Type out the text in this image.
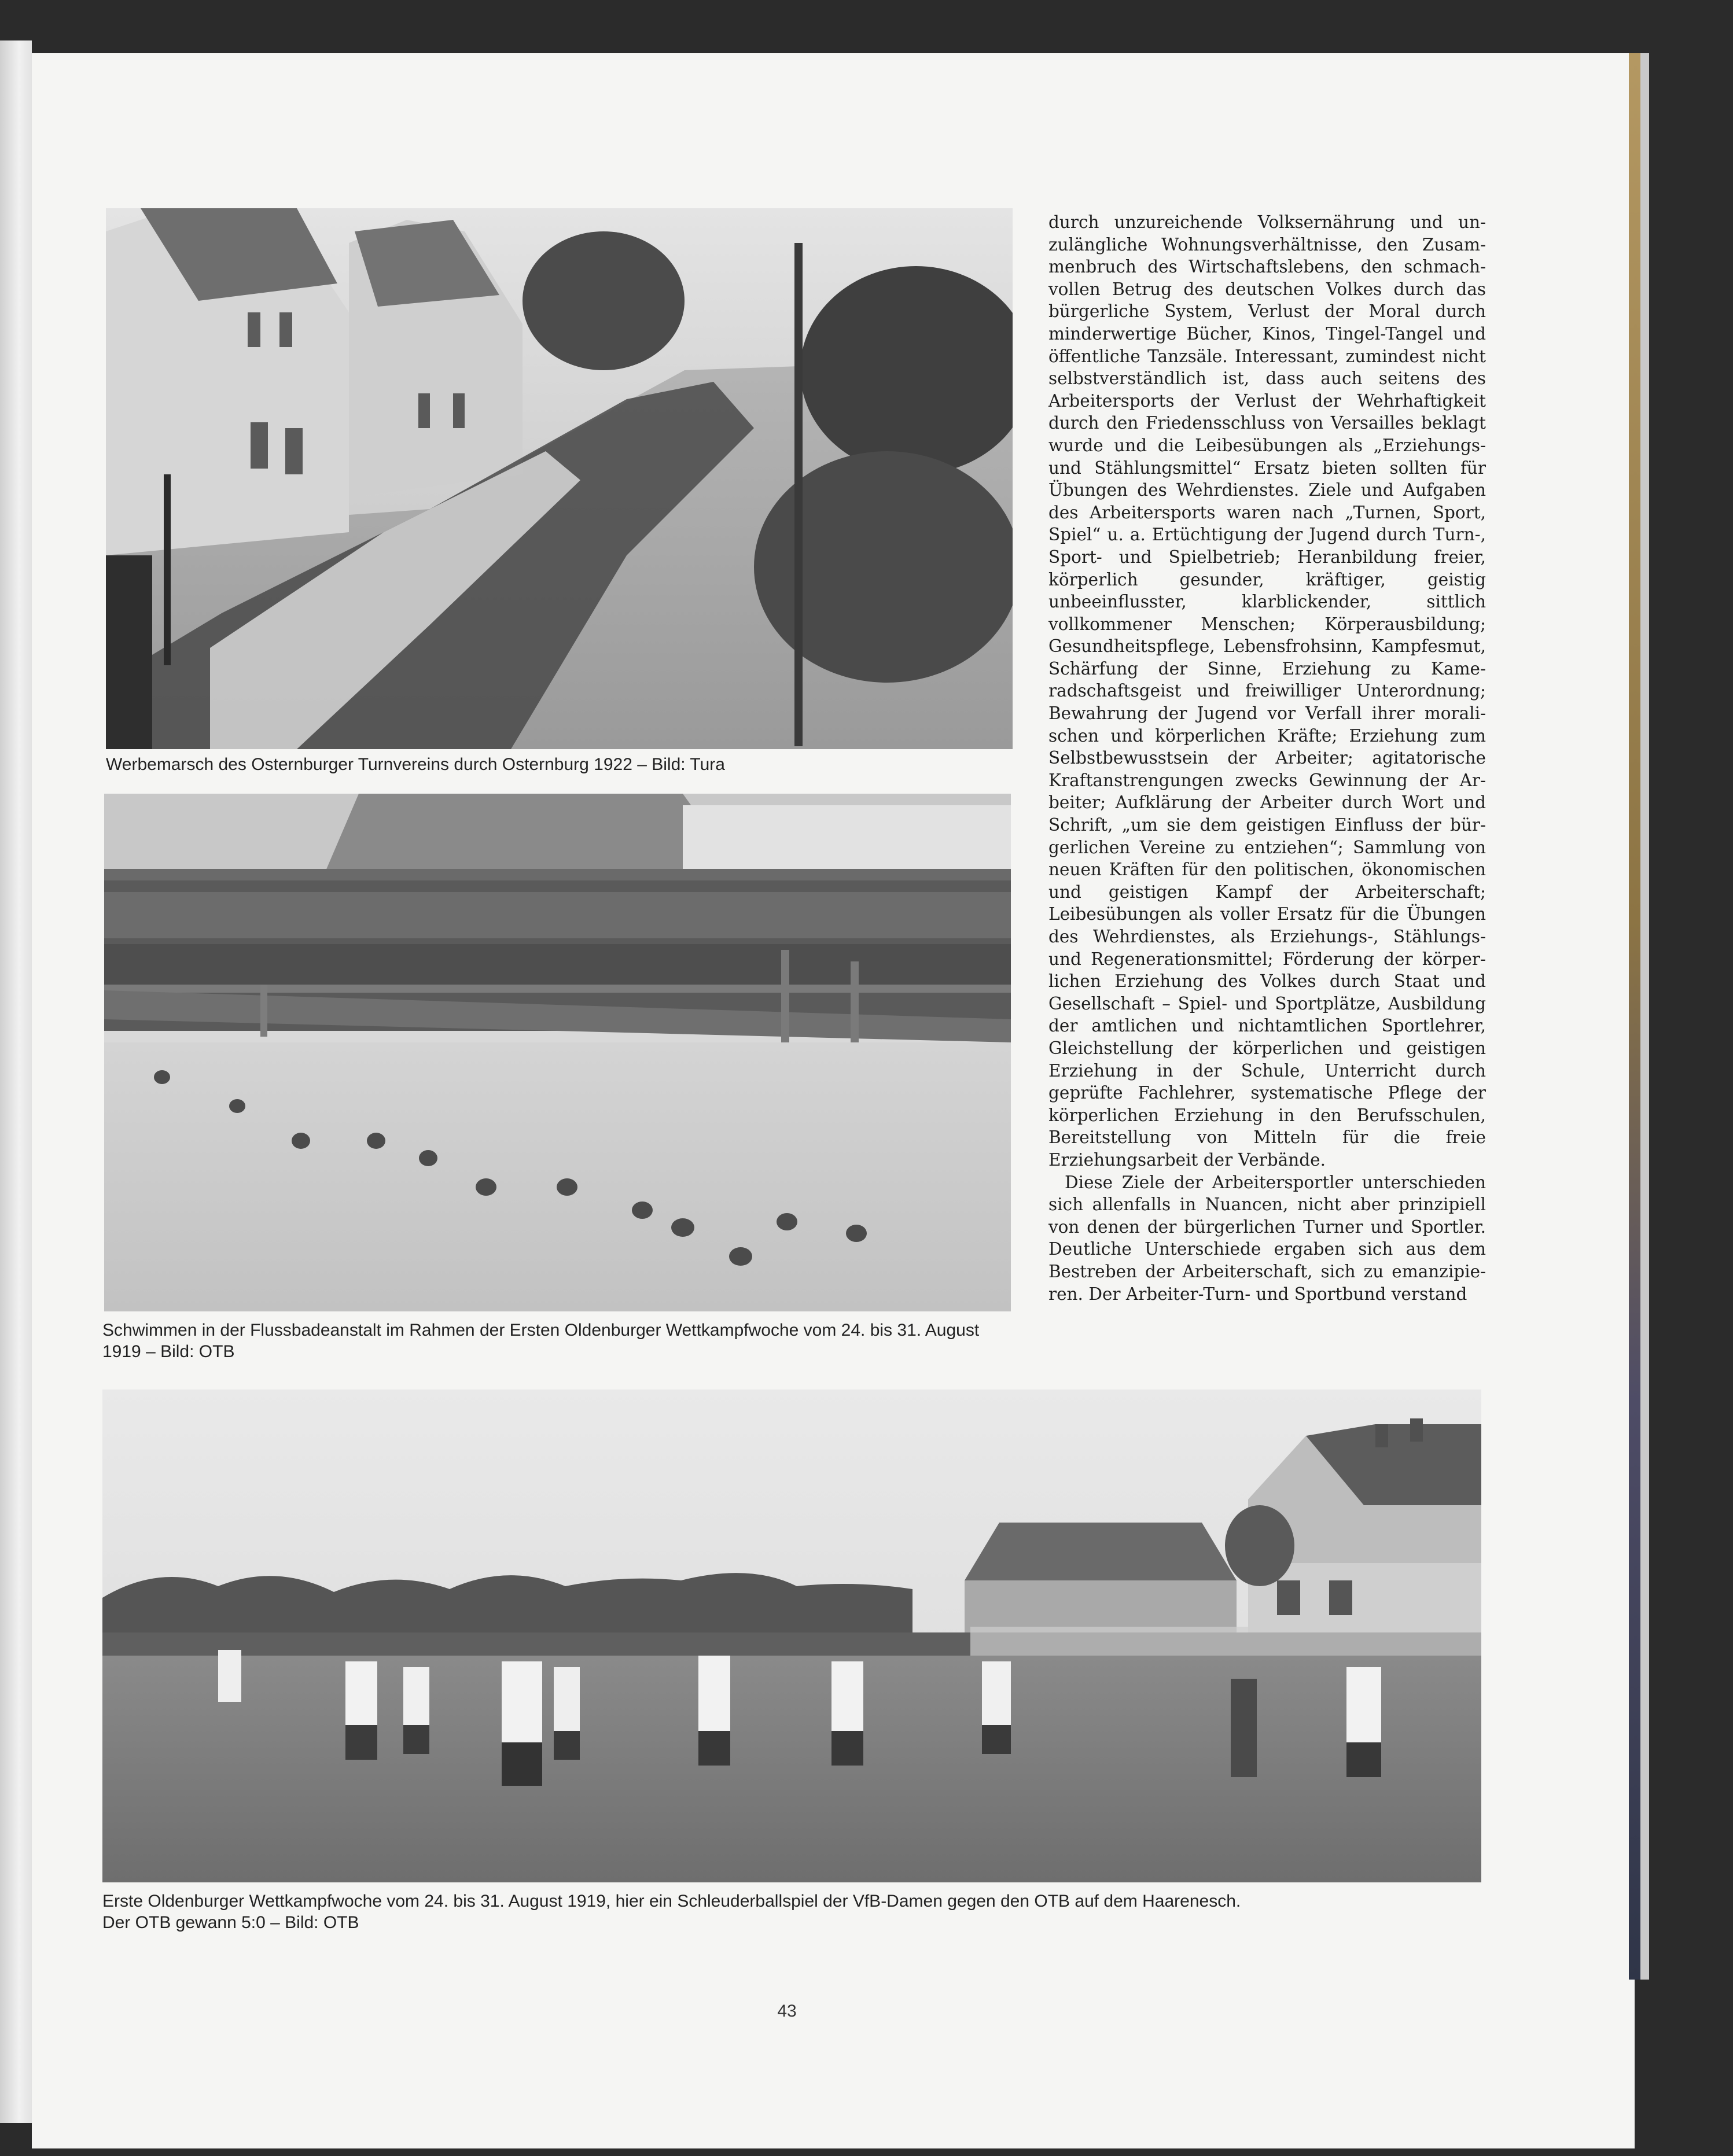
Werbemarsch des Osternburger Turnvereins durch Osternburg 1922 – Bild: Tura
Schwimmen in der Flussbadeanstalt im Rahmen der Ersten Oldenburger Wettkampfwoche vom 24. bis 31. August 1919 – Bild: OTB

durch unzureichende Volksernährung und unzulängliche Wohnungsverhältnisse, den Zusammenbruch des Wirtschaftslebens, den schmachvollen Betrug des deutschen Volkes durch das bürgerliche System, Verlust der Moral durch minderwertige Bücher, Kinos, Tingel-Tangel und öffentliche Tanzsäle. Interessant, zumindest nicht selbstverständlich ist, dass auch seitens des Arbeitersports der Verlust der Wehrhaftigkeit durch den Friedensschluss von Versailles beklagt wurde und die Leibesübungen als „Erziehungs- und Stählungsmittel“ Ersatz bieten sollten für Übungen des Wehrdienstes. Ziele und Aufgaben des Arbeitersports waren nach „Turnen, Sport, Spiel“ u. a. Ertüchtigung der Jugend durch Turn-, Sport- und Spielbetrieb; Heranbildung freier, körperlich gesunder, kräftiger, geistig unbeeinflusster, klarblickender, sittlich vollkommener Menschen; Körperausbildung; Gesundheitspflege, Lebensfrohsinn, Kampfesmut, Schärfung der Sinne, Erziehung zu Kameradschaftsgeist und freiwilliger Unterordnung; Bewahrung der Jugend vor Verfall ihrer moralischen und körperlichen Kräfte; Erziehung zum Selbstbewusstsein der Arbeiter; agitatorische Kraftanstrengungen zwecks Gewinnung der Arbeiter; Aufklärung der Arbeiter durch Wort und Schrift, „um sie dem geistigen Einfluss der bürgerlichen Vereine zu entziehen“; Sammlung von neuen Kräften für den politischen, ökonomischen und geistigen Kampf der Arbeiterschaft; Leibesübungen als voller Ersatz für die Übungen des Wehrdienstes, als Erziehungs-, Stählungs- und Regenerationsmittel; Förderung der körperlichen Erziehung des Volkes durch Staat und Gesellschaft – Spiel- und Sportplätze, Ausbildung der amtlichen und nichtamtlichen Sportlehrer, Gleichstellung der körperlichen und geistigen Erziehung in der Schule, Unterricht durch geprüfte Fachlehrer, systematische Pflege der körperlichen Erziehung in den Berufsschulen, Bereitstellung von Mitteln für die freie Erziehungsarbeit der Verbände.

Diese Ziele der Arbeitersportler unterschieden sich allenfalls in Nuancen, nicht aber prinzipiell von denen der bürgerlichen Turner und Sportler. Deutliche Unterschiede ergaben sich aus dem Bestreben der Arbeiterschaft, sich zu emanzipieren. Der Arbeiter-Turn- und Sportbund verstand

Erste Oldenburger Wettkampfwoche vom 24. bis 31. August 1919, hier ein Schleuderballspiel der VfB-Damen gegen den OTB auf dem Haarenesch.
Der OTB gewann 5:0 – Bild: OTB
43
